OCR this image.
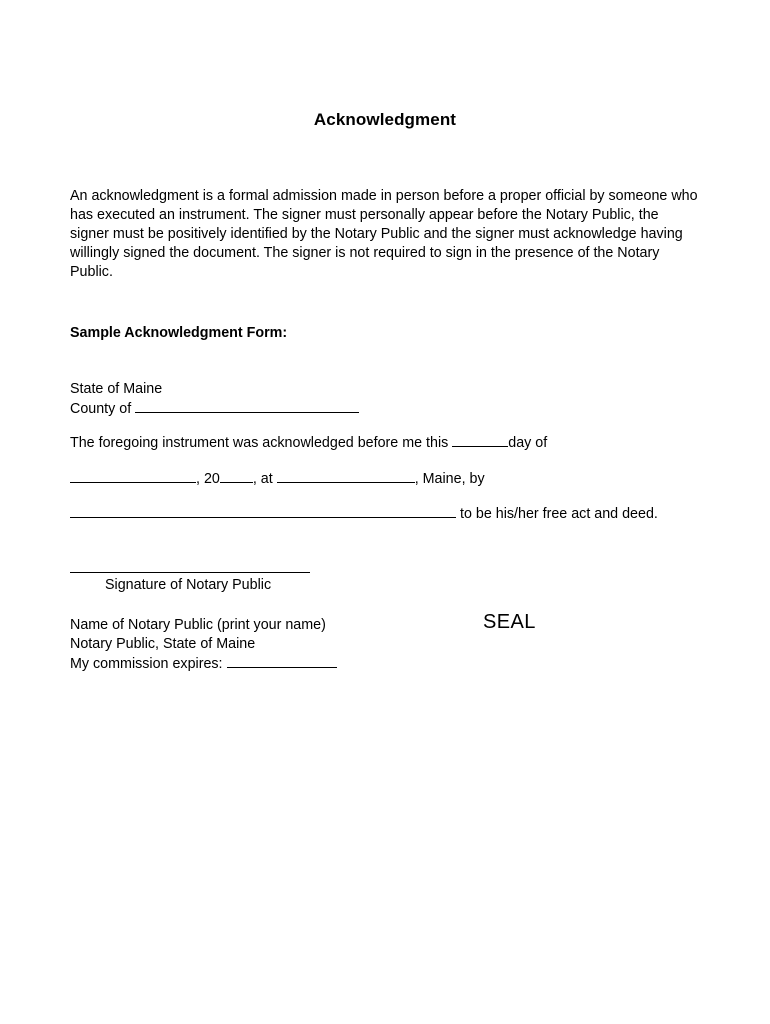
Acknowledgment

An acknowledgment is a formal admission made in person before a proper official by someone who has executed an instrument. The signer must personally appear before the Notary Public, the signer must be positively identified by the Notary Public and the signer must acknowledge having willingly signed the document. The signer is not required to sign in the presence of the Notary Public.

Sample Acknowledgment Form:
State of Maine
County of
The foregoing instrument was acknowledged before me this	day of
, 20 , at	, Maine, by
to be his/her free act and deed.
Signature of Notary Public
Name of Notary Public (print your name)
Notary Public, State of Maine
My commission expires:
SEAL
